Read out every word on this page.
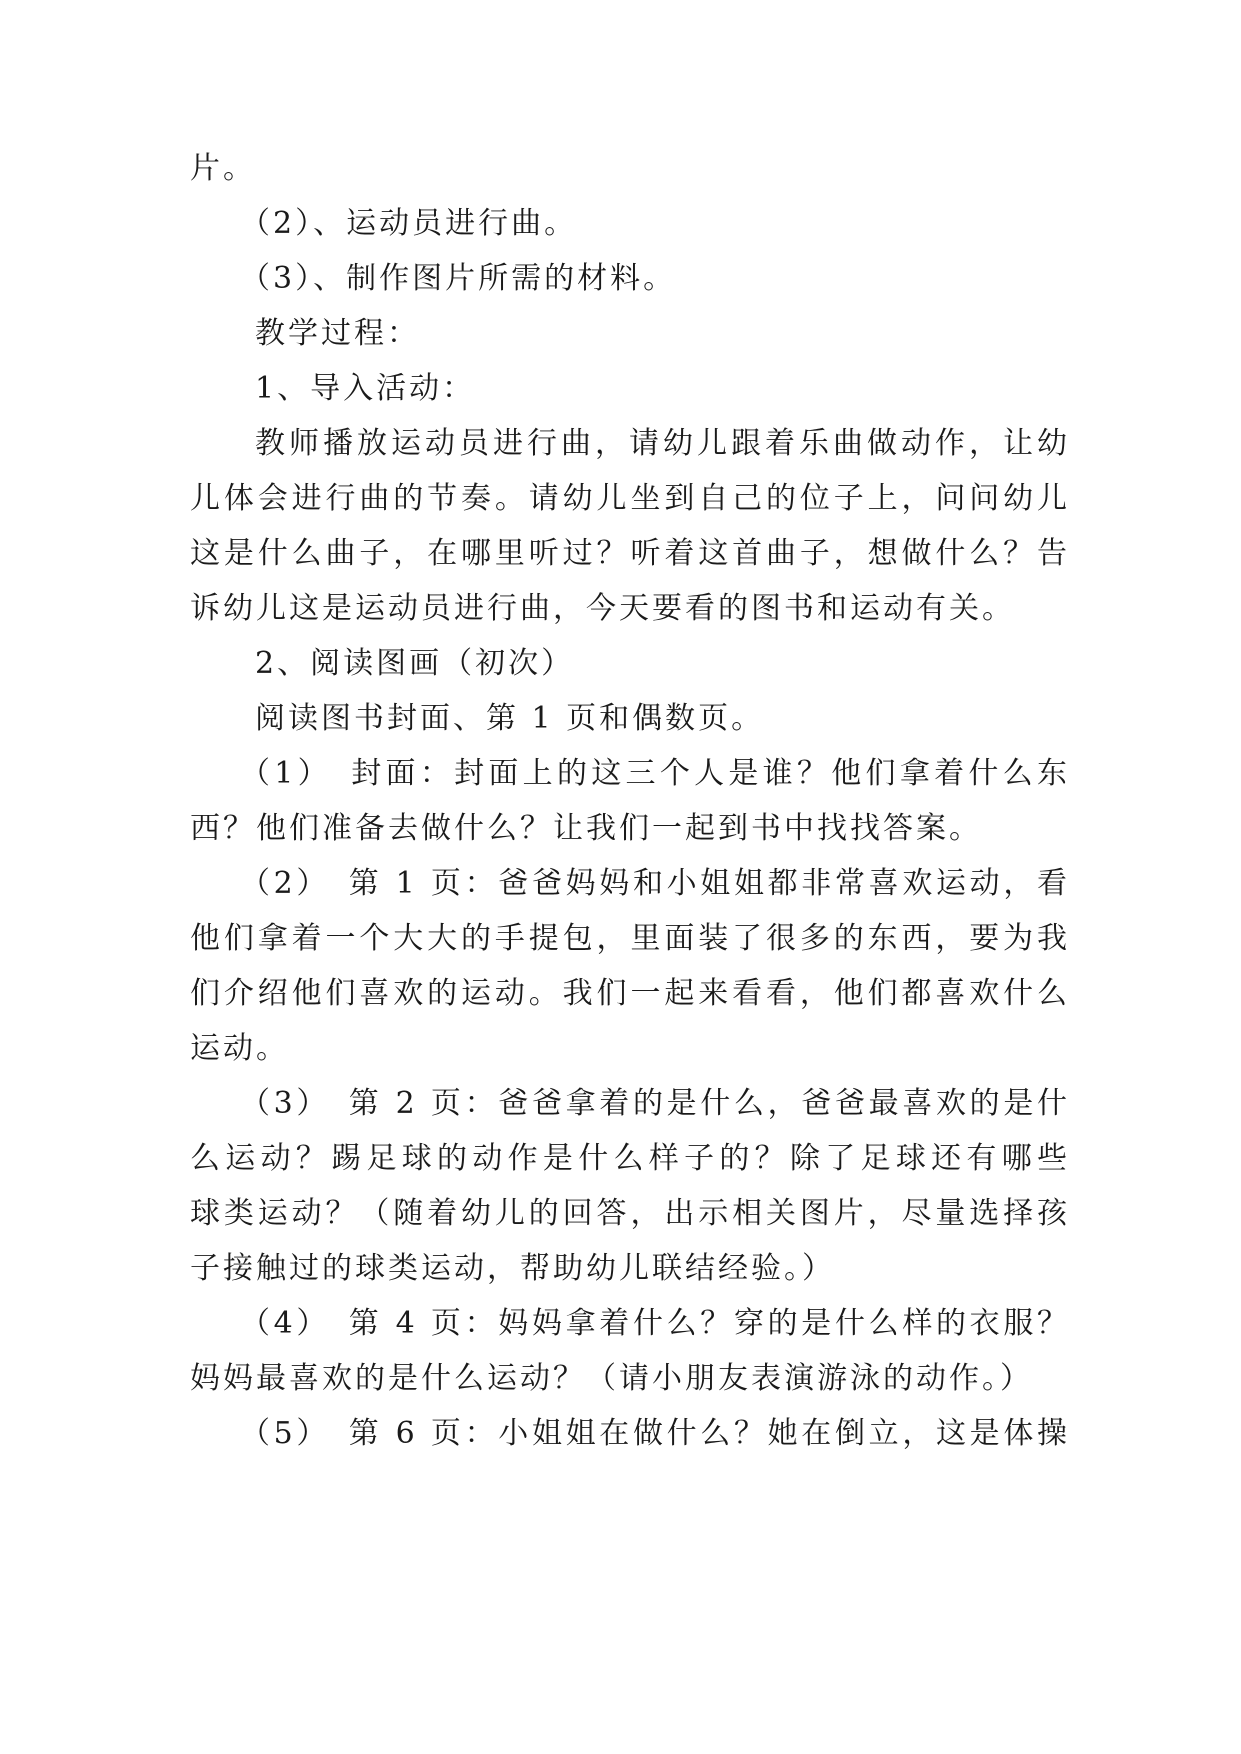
片。
（2）、运动员进行曲。
（3）、制作图片所需的材料。
教学过程：
1、导入活动：
教师播放运动员进行曲，请幼儿跟着乐曲做动作，让幼
儿体会进行曲的节奏。请幼儿坐到自己的位子上，问问幼儿
这是什么曲子，在哪里听过？听着这首曲子，想做什么？告
诉幼儿这是运动员进行曲，今天要看的图书和运动有关。
2、阅读图画（初次）
阅读图书封面、第 1 页和偶数页。
（1）　封面：封面上的这三个人是谁？他们拿着什么东
西？他们准备去做什么？让我们一起到书中找找答案。
（2）　第 1 页：爸爸妈妈和小姐姐都非常喜欢运动，看
他们拿着一个大大的手提包，里面装了很多的东西，要为我
们介绍他们喜欢的运动。我们一起来看看，他们都喜欢什么
运动。
（3）　第 2 页：爸爸拿着的是什么，爸爸最喜欢的是什
么运动？踢足球的动作是什么样子的？除了足球还有哪些
球类运动？（随着幼儿的回答，出示相关图片，尽量选择孩
子接触过的球类运动，帮助幼儿联结经验。）
（4）　第 4 页：妈妈拿着什么？穿的是什么样的衣服？
妈妈最喜欢的是什么运动？（请小朋友表演游泳的动作。）
（5）　第 6 页：小姐姐在做什么？她在倒立，这是体操
